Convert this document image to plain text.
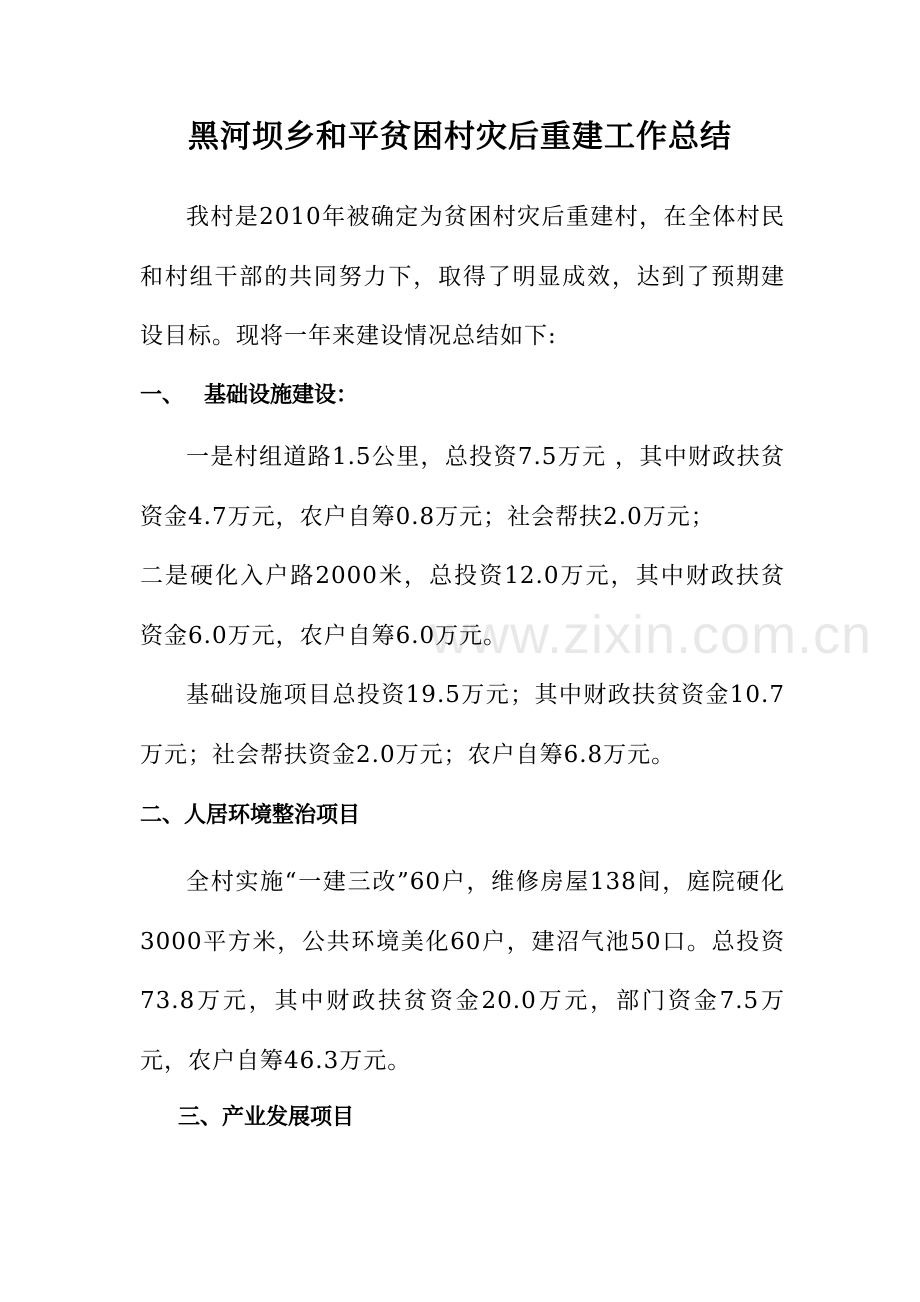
黑河坝乡和平贫困村灾后重建工作总结

我村是2010年被确定为贫困村灾后重建村，在全体村民和村组干部的共同努力下，取得了明显成效，达到了预期建设目标。现将一年来建设情况总结如下:

一、 基础设施建设：

一是村组道路1.5公里，总投资7.5万元 ，其中财政扶贫资金4.7万元，农户自筹0.8万元；社会帮扶2.0万元；

二是硬化入户路2000米，总投资12.0万元，其中财政扶贫资金6.0万元，农户自筹6.0万元。

基础设施项目总投资19.5万元；其中财政扶贫资金10.7万元；社会帮扶资金2.0万元；农户自筹6.8万元。

二、人居环境整治项目

全村实施“一建三改”60户，维修房屋138间，庭院硬化3000平方米，公共环境美化60户，建沼气池50口。总投资73.8万元，其中财政扶贫资金20.0万元，部门资金7.5万元，农户自筹46.3万元。

三、产业发展项目
www.zixin.com.cn
